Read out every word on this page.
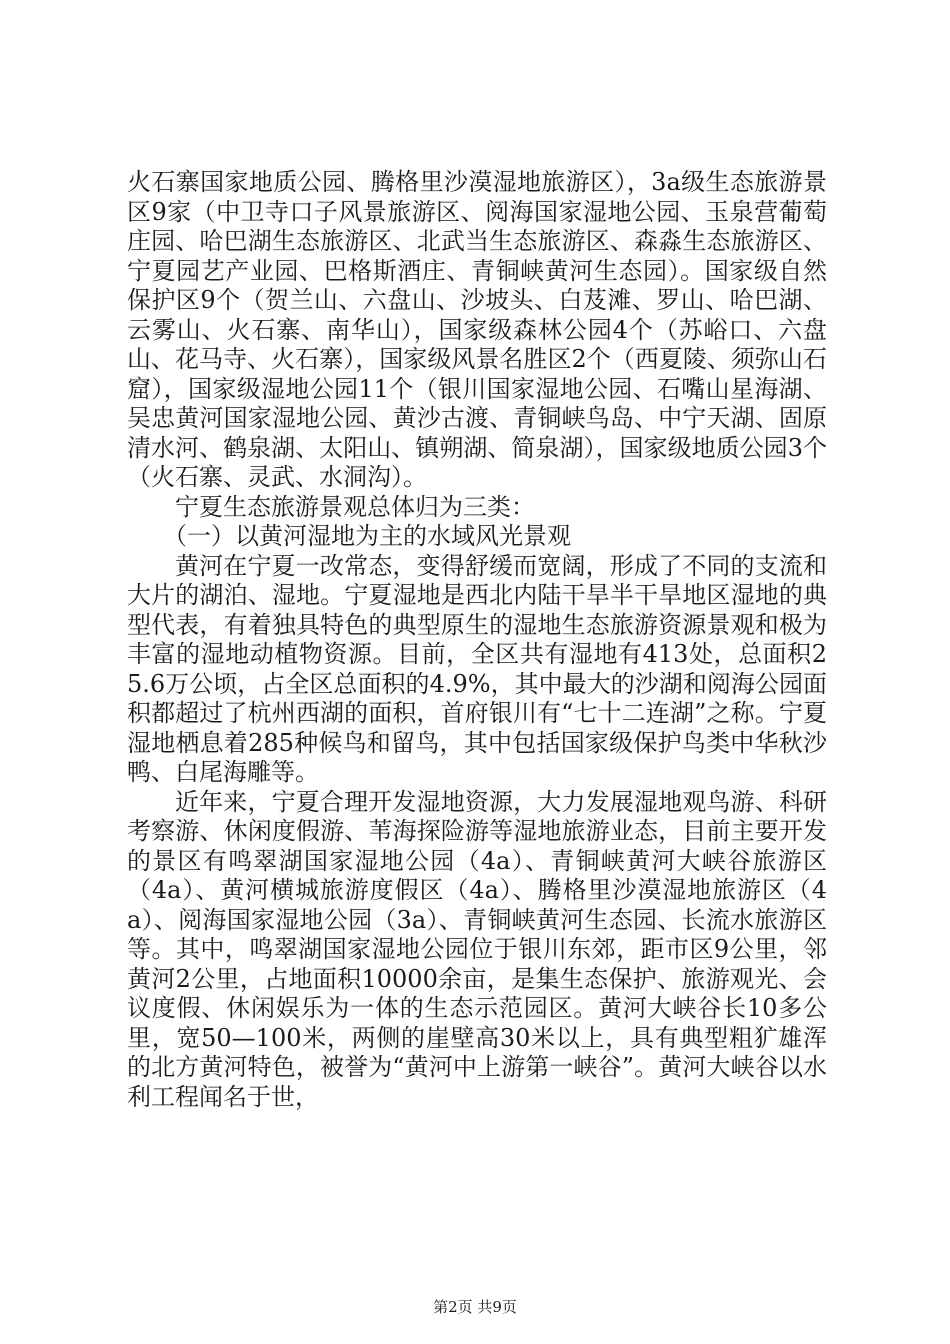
火石寨国家地质公园、腾格里沙漠湿地旅游区），3a级生态旅游景区9家（中卫寺口子风景旅游区、阅海国家湿地公园、玉泉营葡萄庄园、哈巴湖生态旅游区、北武当生态旅游区、森淼生态旅游区、宁夏园艺产业园、巴格斯酒庄、青铜峡黄河生态园）。国家级自然保护区9个（贺兰山、六盘山、沙坡头、白芨滩、罗山、哈巴湖、云雾山、火石寨、南华山），国家级森林公园4个（苏峪口、六盘山、花马寺、火石寨），国家级风景名胜区2个（西夏陵、须弥山石窟），国家级湿地公园11个（银川国家湿地公园、石嘴山星海湖、吴忠黄河国家湿地公园、黄沙古渡、青铜峡鸟岛、中宁天湖、固原清水河、鹤泉湖、太阳山、镇朔湖、简泉湖），国家级地质公园3个（火石寨、灵武、水洞沟）。

宁夏生态旅游景观总体归为三类：

（一）以黄河湿地为主的水域风光景观

黄河在宁夏一改常态，变得舒缓而宽阔，形成了不同的支流和大片的湖泊、湿地。宁夏湿地是西北内陆干旱半干旱地区湿地的典型代表，有着独具特色的典型原生的湿地生态旅游资源景观和极为丰富的湿地动植物资源。目前，全区共有湿地有413处，总面积25.6万公顷，占全区总面积的4.9%，其中最大的沙湖和阅海公园面积都超过了杭州西湖的面积，首府银川有“七十二连湖”之称。宁夏湿地栖息着285种候鸟和留鸟，其中包括国家级保护鸟类中华秋沙鸭、白尾海雕等。

近年来，宁夏合理开发湿地资源，大力发展湿地观鸟游、科研考察游、休闲度假游、苇海探险游等湿地旅游业态，目前主要开发的景区有鸣翠湖国家湿地公园（4a）、青铜峡黄河大峡谷旅游区（4a）、黄河横城旅游度假区（4a）、腾格里沙漠湿地旅游区（4a）、阅海国家湿地公园（3a）、青铜峡黄河生态园、长流水旅游区等。其中，鸣翠湖国家湿地公园位于银川东郊，距市区9公里，邻黄河2公里，占地面积10000余亩，是集生态保护、旅游观光、会议度假、休闲娱乐为一体的生态示范园区。黄河大峡谷长10多公里，宽50—100米，两侧的崖壁高30米以上，具有典型粗犷雄浑的北方黄河特色，被誉为“黄河中上游第一峡谷”。黄河大峡谷以水利工程闻名于世，

第2页 共9页
